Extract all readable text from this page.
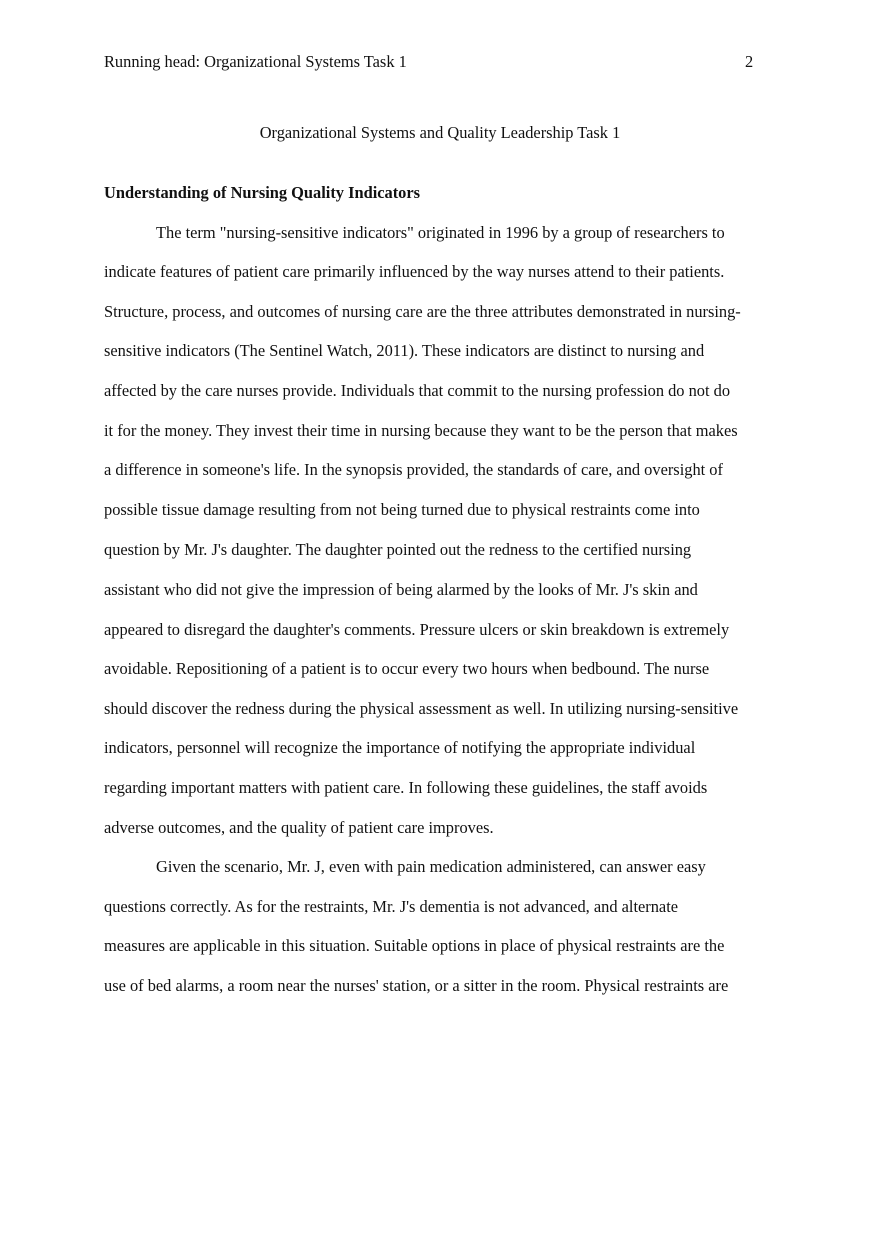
Running head: Organizational Systems Task 1	2
Organizational Systems and Quality Leadership Task 1
Understanding of Nursing Quality Indicators
The term "nursing-sensitive indicators" originated in 1996 by a group of researchers to
indicate features of patient care primarily influenced by the way nurses attend to their patients.
Structure, process, and outcomes of nursing care are the three attributes demonstrated in nursing-
sensitive indicators (The Sentinel Watch, 2011). These indicators are distinct to nursing and
affected by the care nurses provide. Individuals that commit to the nursing profession do not do
it for the money. They invest their time in nursing because they want to be the person that makes
a difference in someone's life. In the synopsis provided, the standards of care, and oversight of
possible tissue damage resulting from not being turned due to physical restraints come into
question by Mr. J's daughter. The daughter pointed out the redness to the certified nursing
assistant who did not give the impression of being alarmed by the looks of Mr. J's skin and
appeared to disregard the daughter's comments. Pressure ulcers or skin breakdown is extremely
avoidable. Repositioning of a patient is to occur every two hours when bedbound. The nurse
should discover the redness during the physical assessment as well. In utilizing nursing-sensitive
indicators, personnel will recognize the importance of notifying the appropriate individual
regarding important matters with patient care. In following these guidelines, the staff avoids
adverse outcomes, and the quality of patient care improves.
Given the scenario, Mr. J, even with pain medication administered, can answer easy
questions correctly. As for the restraints, Mr. J's dementia is not advanced, and alternate
measures are applicable in this situation. Suitable options in place of physical restraints are the
use of bed alarms, a room near the nurses' station, or a sitter in the room. Physical restraints are
